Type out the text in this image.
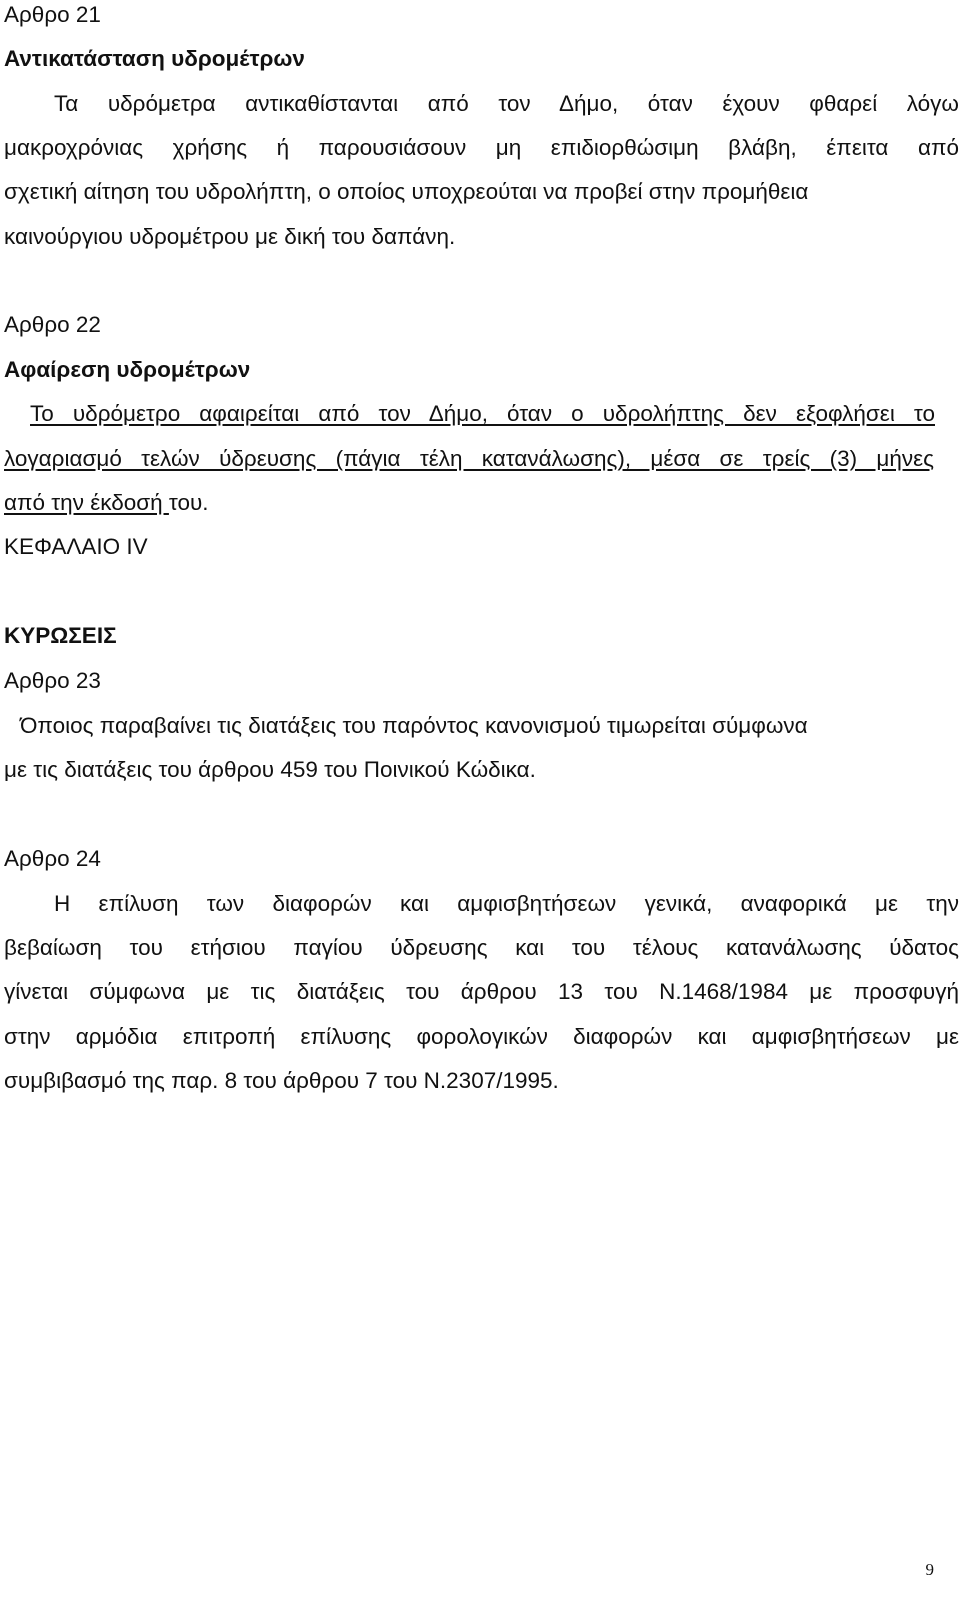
Αρθρο 21
Αντικατάσταση υδρομέτρων
Τα υδρόμετρα αντικαθίστανται από τον Δήμο, όταν έχουν φθαρεί λόγω
μακροχρόνιας χρήσης ή παρουσιάσουν μη επιδιορθώσιμη βλάβη, έπειτα από
σχετική αίτηση του υδρολήπτη, ο οποίος υποχρεούται να προβεί στην προμήθεια
καινούργιου υδρομέτρου με δική του δαπάνη.
Αρθρο 22
Αφαίρεση υδρομέτρων
Το υδρόμετρο αφαιρείται από τον Δήμο, όταν ο υδρολήπτης δεν εξοφλήσει το
λογαριασμό τελών ύδρευσης (πάγια τέλη κατανάλωσης), μέσα σε τρείς (3) μήνες
από την έκδοσή του.
ΚΕΦΑΛΑΙΟ IV
ΚΥΡΩΣΕΙΣ
Αρθρο 23
Όποιος παραβαίνει τις διατάξεις του παρόντος κανονισμού τιμωρείται σύμφωνα
με τις διατάξεις του άρθρου 459 του Ποινικού Κώδικα.
Αρθρο 24
Η επίλυση των διαφορών και αμφισβητήσεων γενικά, αναφορικά με την
βεβαίωση του ετήσιου παγίου ύδρευσης και του τέλους κατανάλωσης ύδατος
γίνεται σύμφωνα με τις διατάξεις του άρθρου 13 του Ν.1468/1984 με προσφυγή
στην αρμόδια επιτροπή επίλυσης φορολογικών διαφορών και αμφισβητήσεων με
συμβιβασμό της παρ. 8 του άρθρου 7 του Ν.2307/1995.
9
